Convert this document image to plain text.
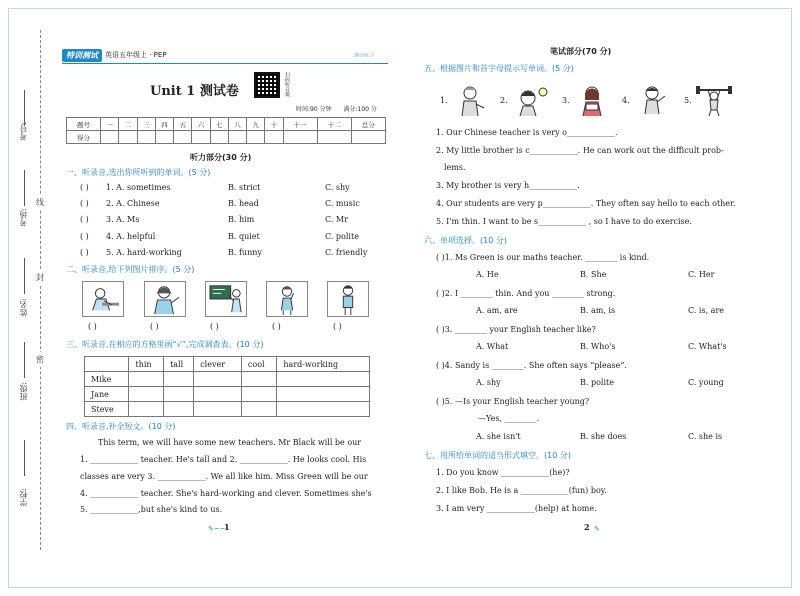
考号:
考场:
线
姓名:
封
班级:
密
学校:
特训测试	英语五年级上 · PEP	测评练习
Unit 1 测试卷	扫码听音频
时间:90 分钟 满分:100 分
题号	一	二	三	四	五	六	七	八	九	十	十一	十二	总分
得分													
听力部分(30 分)
一、听录音,选出你所听到的单词。(5 分)
( ) 1. A. sometimes	B. strict	C. shy
( ) 2. A. Chinese	B. head	C. music
( ) 3. A. Ms	B. him	C. Mr
( ) 4. A. helpful	B. quiet	C. polite
( ) 5. A. hard-working	B. funny	C. friendly
二、听录音,给下列图片排序。(5 分)
( )	( )	( )	( )	( )
三、听录音,在相应的方格里画“√”,完成调查表。(10 分)
	thin	tall	clever	cool	hard-working
Mike					
Jane					
Steve					
四、听录音,补全短文。(10 分)
This term, we will have some new teachers. Mr Black will be our
1. ____________ teacher. He's tall and 2. ____________. He looks cool. His
classes are very 3. ____________. We all like him. Miss Green will be our
4. ____________ teacher. She's hard-working and clever. Sometimes she's
5. ____________,but she's kind to us.
✎~~
1
笔试部分(70 分)
五、根据图片和首字母提示写单词。(5 分)
1.	2.	3.	4.	5.
1. Our Chinese teacher is very o____________.
2. My little brother is c____________. He can work out the difficult prob-
lems.
3. My brother is very h____________.
4. Our students are very p____________. They often say hello to each other.
5. I'm thin. I want to be s____________ , so I have to do exercise.
六、单项选择。(10 分)
( )1. Ms Green is our maths teacher. ________ is kind.
A. He	B. She	C. Her
( )2. I ________ thin. And you ________ strong.
A. am, are	B. am, is	C. is, are
( )3. ________ your English teacher like?
A. What	B. Who's	C. What's
( )4. Sandy is ________. She often says “please”.
A. shy	B. polite	C. young
( )5. —Is your English teacher young?
—Yes, ________.
A. she isn't	B. she does	C. she is
七、用所给单词的适当形式填空。(10 分)
1. Do you know ____________(he)?
2. I like Bob. He is a ____________(fun) boy.
3. I am very ____________(help) at home.
2 ✎
